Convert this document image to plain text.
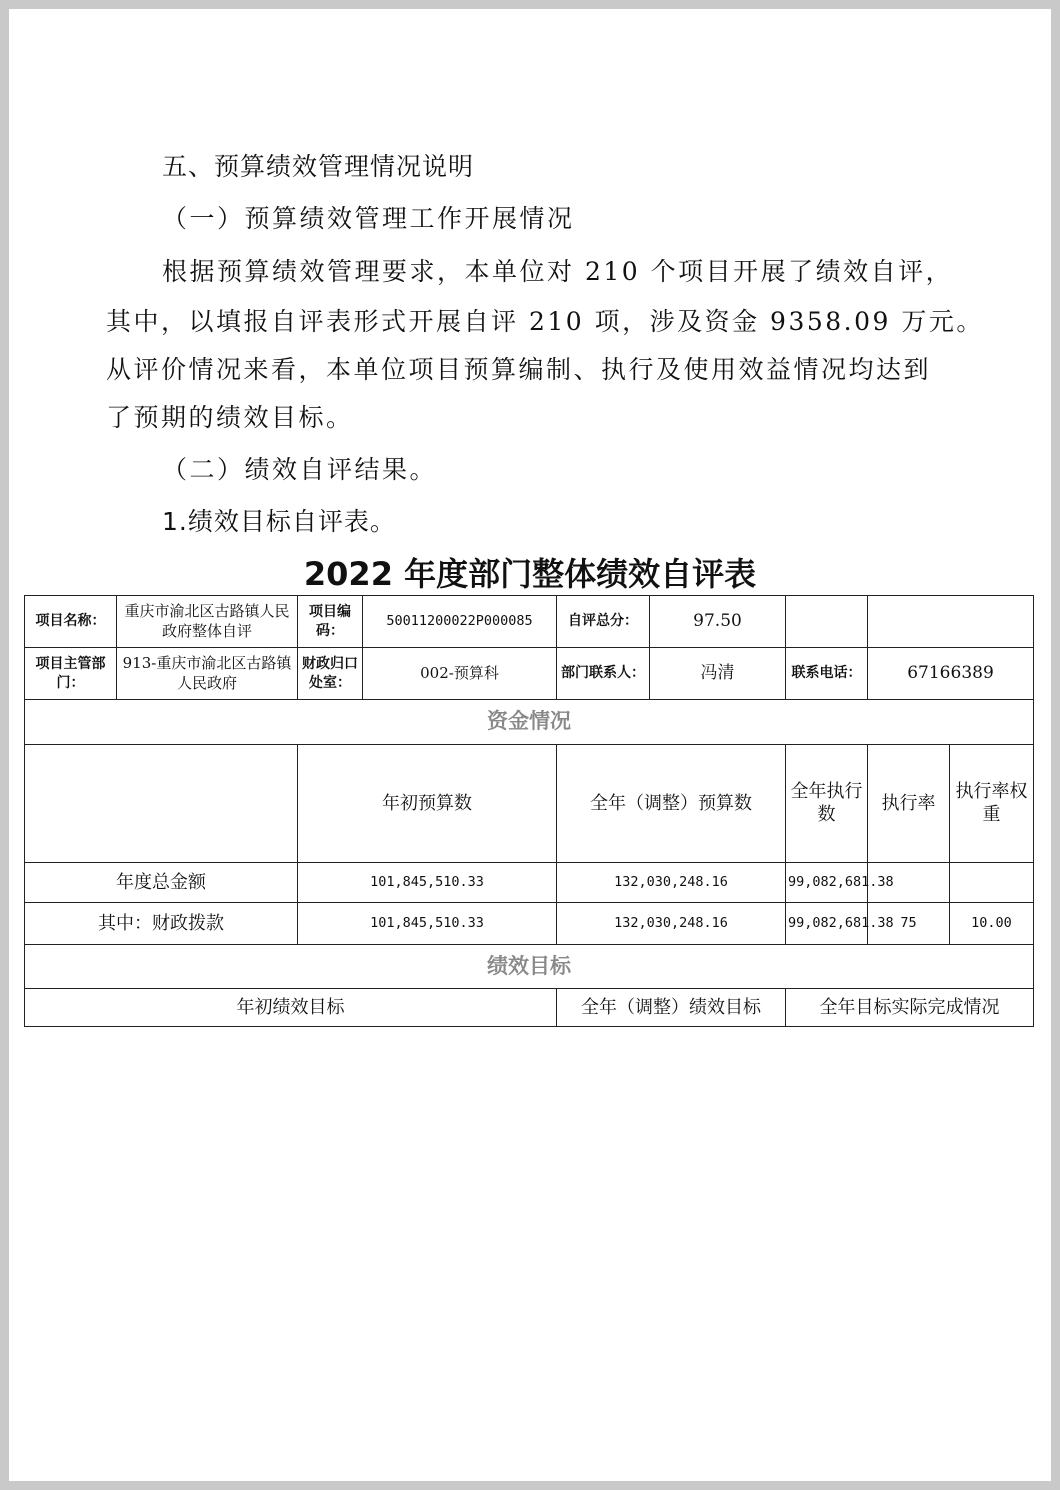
五、预算绩效管理情况说明
（一）预算绩效管理工作开展情况
根据预算绩效管理要求，本单位对 210 个项目开展了绩效自评，
其中，以填报自评表形式开展自评 210 项，涉及资金 9358.09 万元。
从评价情况来看，本单位项目预算编制、执行及使用效益情况均达到
了预期的绩效目标。
（二）绩效自评结果。
1.绩效目标自评表。
2022 年度部门整体绩效自评表
项目名称：	重庆市渝北区古路镇人民政府整体自评	项目编码：	50011200022P000085	自评总分：	97.50				
项目主管部门：	913-重庆市渝北区古路镇人民政府	财政归口处室：	002-预算科	部门联系人：	冯清	联系电话：	67166389		
资金情况									
		年初预算数		全年（调整）预算数		全年执行数	执行率	执行率权重	
年度总金额		101,845,510.33		132,030,248.16		99,082,681.38			
其中：财政拨款		101,845,510.33		132,030,248.16		99,082,681.38	75	10.00	
绩效目标									
年初绩效目标				全年（调整）绩效目标		全年目标实际完成情况			
